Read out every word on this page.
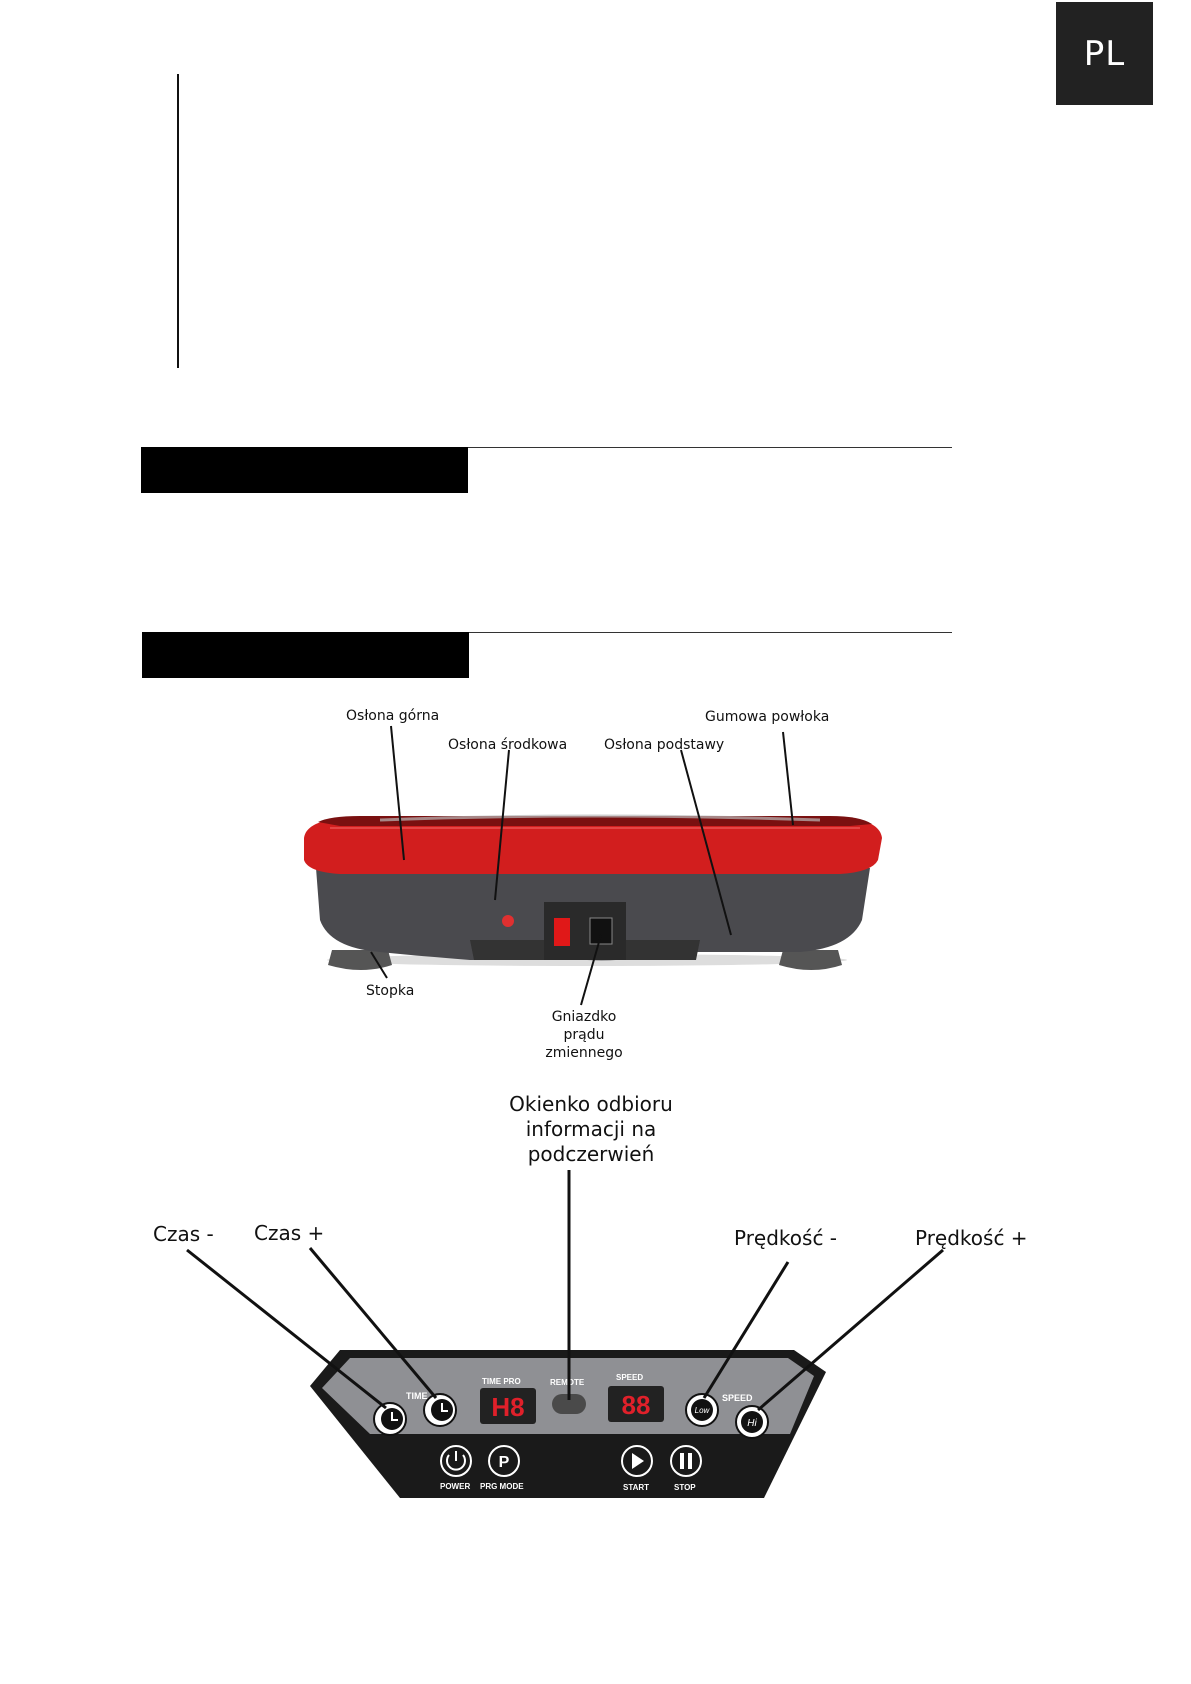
PL
Osłona górna
Osłona środkowa	Osłona podstawy
Gumowa powłoka
Stopka
Gniazdko prądu zmiennego
TIME
TIME PRO
H8
REMOTE
SPEED
88	SPEED
Low
Hi
POWER
P
PRG MODE	START	STOP
Okienko odbioru informacji na podczerwień
Czas - Czas +	Prędkość -	Prędkość +
